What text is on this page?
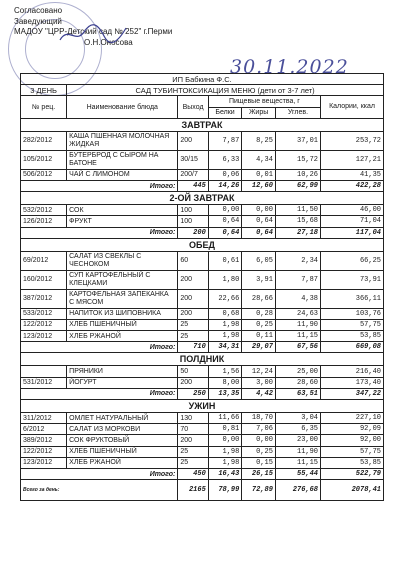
Согласовано
Заведующий
МАДОУ "ЦРР-Детский сад № 252" г.Перми
О.Н.Оносова
30.11.2022
ИП Бабкина Ф.С.						
3 ДЕНЬ	САД ТУБИНТОКСИКАЦИЯ МЕНЮ (дети от 3-7 лет)					
№ рец.	Наименование блюда	Выход	Пищевые вещества, г			Калории, ккал
			Белки	Жиры	Углев.	
ЗАВТРАК						
282/2012	КАША ПШЕННАЯ МОЛОЧНАЯ ЖИДКАЯ	200	7,87	8,25	37,01	253,72
105/2012	БУТЕРБРОД С СЫРОМ НА БАТОНЕ	30/15	6,33	4,34	15,72	127,21
506/2012	ЧАЙ С ЛИМОНОМ	200/7	0,06	0,01	10,26	41,35
Итого:		445	14,26	12,60	62,99	422,28
2-ОЙ ЗАВТРАК						
532/2012	СОК	100	0,00	0,00	11,50	46,00
126/2012	ФРУКТ	100	0,64	0,64	15,68	71,04
Итого:		200	0,64	0,64	27,18	117,04
ОБЕД						
69/2012	САЛАТ ИЗ СВЕКЛЫ С ЧЕСНОКОМ	60	0,61	6,05	2,34	66,25
160/2012	СУП КАРТОФЕЛЬНЫЙ С КЛЕЦКАМИ	200	1,80	3,91	7,87	73,91
387/2012	КАРТОФЕЛЬНАЯ ЗАПЕКАНКА С МЯСОМ	200	22,66	28,66	4,38	366,11
533/2012	НАПИТОК ИЗ ШИПОВНИКА	200	0,68	0,28	24,63	103,76
122/2012	ХЛЕБ ПШЕНИЧНЫЙ	25	1,98	0,25	11,90	57,75
123/2012	ХЛЕБ РЖАНОЙ	25	1,98	0,11	11,15	53,85
Итого:		710	34,31	29,07	67,56	669,08
ПОЛДНИК						
	ПРЯНИКИ	50	1,56	12,24	25,00	216,40
531/2012	ЙОГУРТ	200	8,00	3,00	28,60	173,40
Итого:		250	13,35	4,42	63,51	347,22
УЖИН						
311/2012	ОМЛЕТ НАТУРАЛЬНЫЙ	130	11,66	18,70	3,04	227,10
6/2012	САЛАТ ИЗ МОРКОВИ	70	0,81	7,06	6,35	92,09
389/2012	СОК ФРУКТОВЫЙ	200	0,00	0,00	23,00	92,00
122/2012	ХЛЕБ ПШЕНИЧНЫЙ	25	1,98	0,25	11,90	57,75
123/2012	ХЛЕБ РЖАНОЙ	25	1,98	0,15	11,15	53,85
Итого:		450	16,43	26,15	55,44	522,79
Всего за день:		2165	78,99	72,89	276,68	2078,41
